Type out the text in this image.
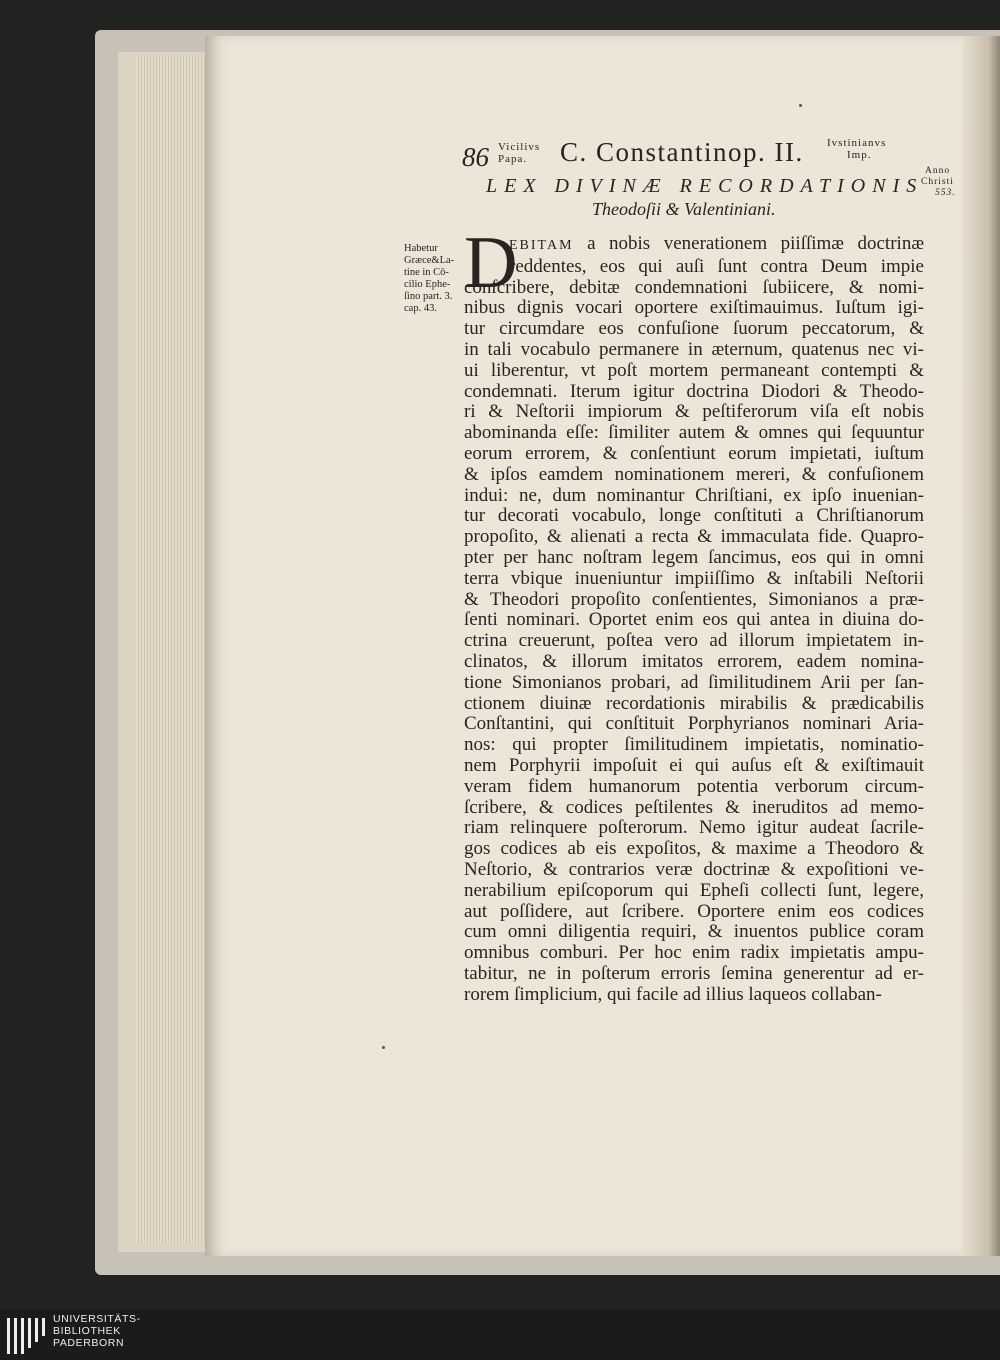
86 Vicilivs
Papa.	C. Constantinop. II. Ivstinianvs
Imp.
Anno
Christi
553.
LEX DIVINÆ RECORDATIONIS
Theodoſii & Valentiniani.
Habetur
Græce&La-
tine in Cō-
cilio Ephe-
ſino part. 3.
cap. 43.
D
EBITAM a nobis venerationem piiſſimæ doctrinæ
reddentes, eos qui auſi ſunt contra Deum impie
conſcribere, debitæ condemnationi ſubiicere, & nomi-
nibus dignis vocari oportere exiſtimauimus. Iuſtum igi-
tur circumdare eos confuſione ſuorum peccatorum, &
in tali vocabulo permanere in æternum, quatenus nec vi-
ui liberentur, vt poſt mortem permaneant contempti &
condemnati. Iterum igitur doctrina Diodori & Theodo-
ri & Neſtorii impiorum & peſtiferorum viſa eſt nobis
abominanda eſſe: ſimiliter autem & omnes qui ſequuntur
eorum errorem, & conſentiunt eorum impietati, iuſtum
& ipſos eamdem nominationem mereri, & confuſionem
indui: ne, dum nominantur Chriſtiani, ex ipſo inuenian-
tur decorati vocabulo, longe conſtituti a Chriſtianorum
propoſito, & alienati a recta & immaculata fide. Quapro-
pter per hanc noſtram legem ſancimus, eos qui in omni
terra vbique inueniuntur impiiſſimo & inſtabili Neſtorii
& Theodori propoſito conſentientes, Simonianos a præ-
ſenti nominari. Oportet enim eos qui antea in diuina do-
ctrina creuerunt, poſtea vero ad illorum impietatem in-
clinatos, & illorum imitatos errorem, eadem nomina-
tione Simonianos probari, ad ſimilitudinem Arii per ſan-
ctionem diuinæ recordationis mirabilis & prædicabilis
Conſtantini, qui conſtituit Porphyrianos nominari Aria-
nos: qui propter ſimilitudinem impietatis, nominatio-
nem Porphyrii impoſuit ei qui auſus eſt & exiſtimauit
veram fidem humanorum potentia verborum circum-
ſcribere, & codices peſtilentes & ineruditos ad memo-
riam relinquere poſterorum. Nemo igitur audeat ſacrile-
gos codices ab eis expoſitos, & maxime a Theodoro &
Neſtorio, & contrarios veræ doctrinæ & expoſitioni ve-
nerabilium epiſcoporum qui Epheſi collecti ſunt, legere,
aut poſſidere, aut ſcribere. Oportere enim eos codices
cum omni diligentia requiri, & inuentos publice coram
omnibus comburi. Per hoc enim radix impietatis ampu-
tabitur, ne in poſterum erroris ſemina generentur ad er-
rorem ſimplicium, qui facile ad illius laqueos collaban-
UNIVERSITÄTS-
BIBLIOTHEK
PADERBORN
